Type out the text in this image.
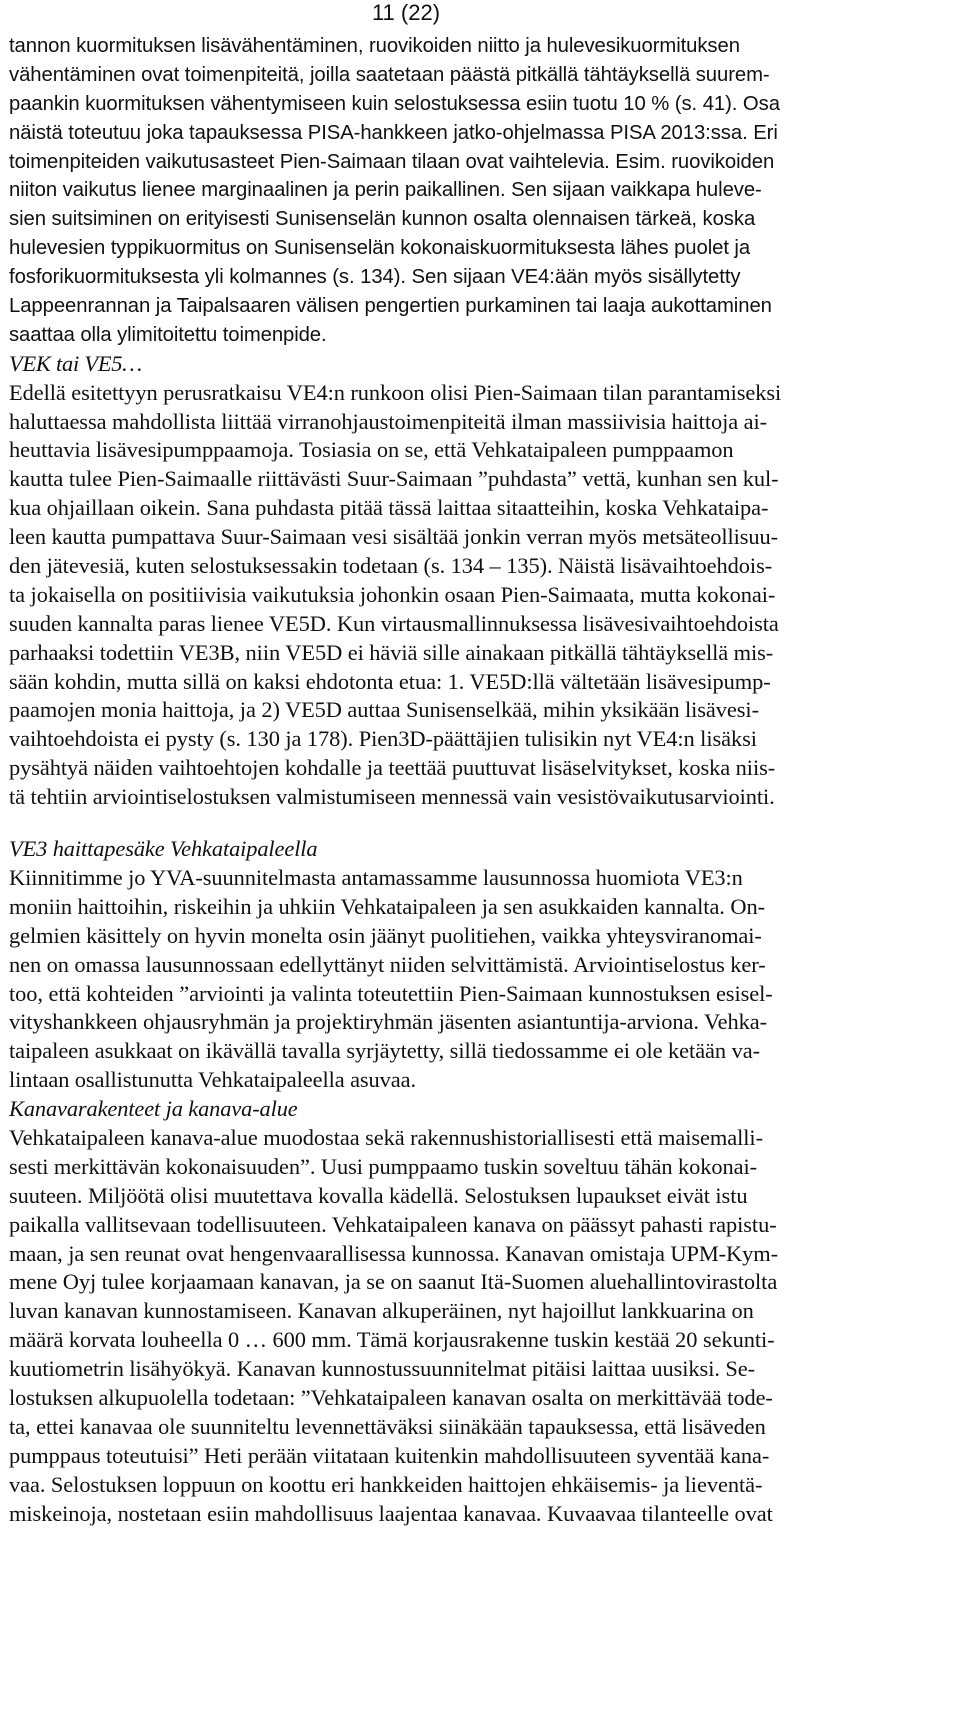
11 (22)
tannon kuormituksen lisävähentäminen, ruovikoiden niitto ja hulevesikuormituksen
vähentäminen ovat toimenpiteitä, joilla saatetaan päästä pitkällä tähtäyksellä suurem-
paankin kuormituksen vähentymiseen kuin selostuksessa esiin tuotu 10 % (s. 41). Osa
näistä toteutuu joka tapauksessa PISA-hankkeen jatko-ohjelmassa PISA 2013:ssa. Eri
toimenpiteiden vaikutusasteet Pien-Saimaan tilaan ovat vaihtelevia. Esim. ruovikoiden
niiton vaikutus lienee marginaalinen ja perin paikallinen. Sen sijaan vaikkapa huleve-
sien suitsiminen on erityisesti Sunisenselän kunnon osalta olennaisen tärkeä, koska
hulevesien typpikuormitus on Sunisenselän kokonaiskuormituksesta lähes puolet ja
fosforikuormituksesta yli kolmannes (s. 134). Sen sijaan VE4:ään myös sisällytetty
Lappeenrannan ja Taipalsaaren välisen pengertien purkaminen tai laaja aukottaminen
saattaa olla ylimitoitettu toimenpide.
VEK tai VE5…
Edellä esitettyyn perusratkaisu VE4:n runkoon olisi Pien-Saimaan tilan parantamiseksi
haluttaessa mahdollista liittää virranohjaustoimenpiteitä ilman massiivisia haittoja ai-
heuttavia lisävesipumppaamoja. Tosiasia on se, että Vehkataipaleen pumppaamon
kautta tulee Pien-Saimaalle riittävästi Suur-Saimaan ”puhdasta” vettä, kunhan sen kul-
kua ohjaillaan oikein. Sana puhdasta pitää tässä laittaa sitaatteihin, koska Vehkataipa-
leen kautta pumpattava Suur-Saimaan vesi sisältää jonkin verran myös metsäteollisuu-
den jätevesiä, kuten selostuksessakin todetaan (s. 134 – 135). Näistä lisävaihtoehdois-
ta jokaisella on positiivisia vaikutuksia johonkin osaan Pien-Saimaata, mutta kokonai-
suuden kannalta paras lienee VE5D. Kun virtausmallinnuksessa lisävesivaihtoehdoista
parhaaksi todettiin VE3B, niin VE5D ei häviä sille ainakaan pitkällä tähtäyksellä mis-
sään kohdin, mutta sillä on kaksi ehdotonta etua: 1. VE5D:llä vältetään lisävesipump-
paamojen monia haittoja, ja 2) VE5D auttaa Sunisenselkää, mihin yksikään lisävesi-
vaihtoehdoista ei pysty (s. 130 ja 178). Pien3D-päättäjien tulisikin nyt VE4:n lisäksi
pysähtyä näiden vaihtoehtojen kohdalle ja teettää puuttuvat lisäselvitykset, koska niis-
tä tehtiin arviointiselostuksen valmistumiseen mennessä vain vesistövaikutusarviointi.
VE3 haittapesäke Vehkataipaleella
Kiinnitimme jo YVA-suunnitelmasta antamassamme lausunnossa huomiota VE3:n
moniin haittoihin, riskeihin ja uhkiin Vehkataipaleen ja sen asukkaiden kannalta. On-
gelmien käsittely on hyvin monelta osin jäänyt puolitiehen, vaikka yhteysviranomai-
nen on omassa lausunnossaan edellyttänyt niiden selvittämistä. Arviointiselostus ker-
too, että kohteiden ”arviointi ja valinta toteutettiin Pien-Saimaan kunnostuksen esisel-
vityshankkeen ohjausryhmän ja projektiryhmän jäsenten asiantuntija-arviona. Vehka-
taipaleen asukkaat on ikävällä tavalla syrjäytetty, sillä tiedossamme ei ole ketään va-
lintaan osallistunutta Vehkataipaleella asuvaa.
Kanavarakenteet ja kanava-alue
Vehkataipaleen kanava-alue muodostaa sekä rakennushistoriallisesti että maisemalli-
sesti merkittävän kokonaisuuden”. Uusi pumppaamo tuskin soveltuu tähän kokonai-
suuteen. Miljöötä olisi muutettava kovalla kädellä. Selostuksen lupaukset eivät istu
paikalla vallitsevaan todellisuuteen. Vehkataipaleen kanava on päässyt pahasti rapistu-
maan, ja sen reunat ovat hengenvaarallisessa kunnossa. Kanavan omistaja UPM-Kym-
mene Oyj tulee korjaamaan kanavan, ja se on saanut Itä-Suomen aluehallintovirastolta
luvan kanavan kunnostamiseen. Kanavan alkuperäinen, nyt hajoillut lankkuarina on
määrä korvata louheella 0 … 600 mm. Tämä korjausrakenne tuskin kestää 20 sekunti-
kuutiometrin lisähyökyä. Kanavan kunnostussuunnitelmat pitäisi laittaa uusiksi. Se-
lostuksen alkupuolella todetaan: ”Vehkataipaleen kanavan osalta on merkittävää todе-
ta, ettei kanavaa ole suunniteltu levennettäväksi siinäkään tapauksessa, että lisäveden
pumppaus toteutuisi” Heti perään viitataan kuitenkin mahdollisuuteen syventää kana-
vaa. Selostuksen loppuun on koottu eri hankkeiden haittojen ehkäisemis- ja lieventä-
miskeinoja, nostetaan esiin mahdollisuus laajentaa kanavaa. Kuvaavaa tilanteelle ovat
